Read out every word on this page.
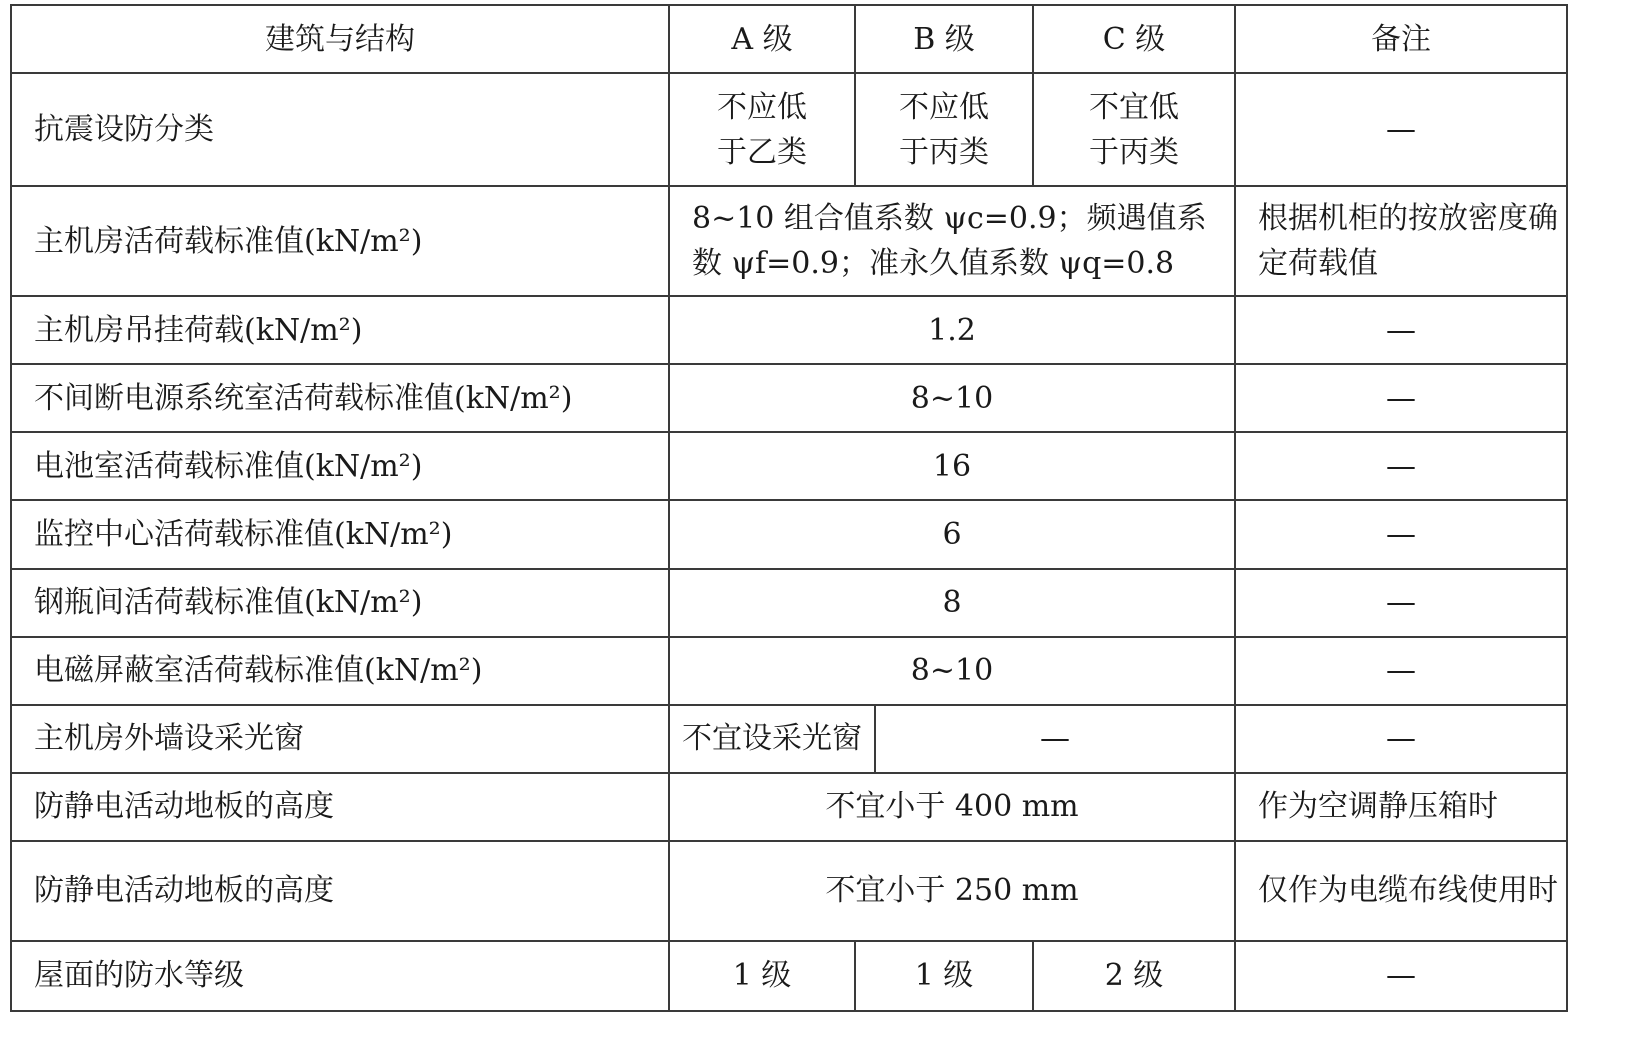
建筑与结构	A 级	B 级		C 级	备注
抗震设防分类	不应低于乙类	不应低于丙类		不宜低于丙类	—
主机房活荷载标准值(kN/m²)	8~10 组合值系数 ψc=0.9；频遇值系数 ψf=0.9；准永久值系数 ψq=0.8				根据机柜的按放密度确定荷载值
主机房吊挂荷载(kN/m²)	1.2				—
不间断电源系统室活荷载标准值(kN/m²)	8~10				—
电池室活荷载标准值(kN/m²)	16				—
监控中心活荷载标准值(kN/m²)	6				—
钢瓶间活荷载标准值(kN/m²)	8				—
电磁屏蔽室活荷载标准值(kN/m²)	8~10				—
主机房外墙设采光窗	不宜设采光窗		—		—
防静电活动地板的高度	不宜小于 400 mm				作为空调静压箱时
防静电活动地板的高度	不宜小于 250 mm				仅作为电缆布线使用时
屋面的防水等级	1 级	1 级		2 级	—
